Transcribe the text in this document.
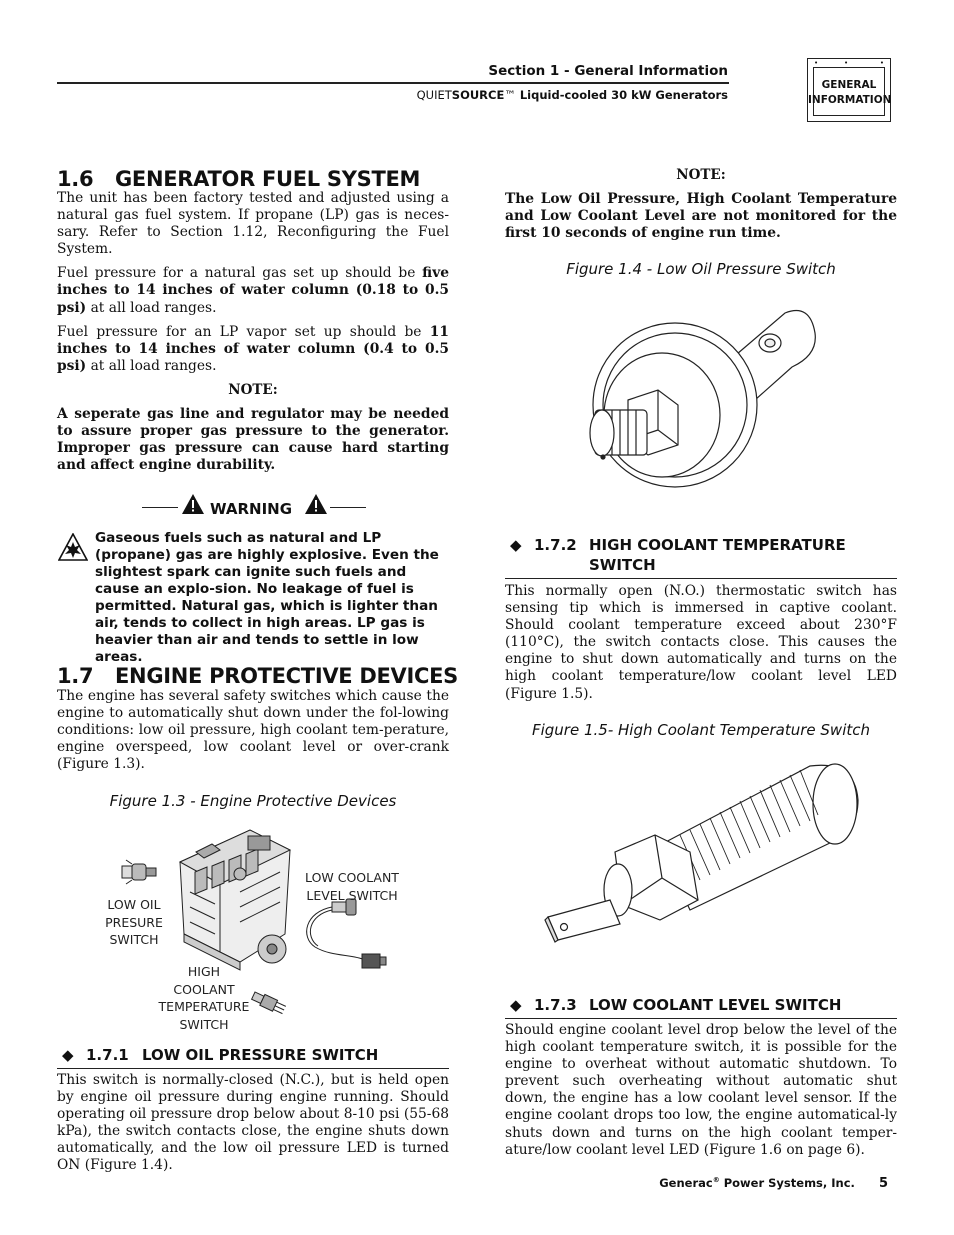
Section 1 - General Information
QUIETSOURCE™ Liquid-cooled 30 kW Generators
•	•	•
GENERAL
INFORMATION
1.6 GENERATOR FUEL SYSTEM

The unit has been factory tested and adjusted using a natural gas fuel system. If propane (LP) gas is neces-sary. Refer to Section 1.12, Reconfiguring the Fuel System.

Fuel pressure for a natural gas set up should be five inches to 14 inches of water column (0.18 to 0.5 psi) at all load ranges.

Fuel pressure for an LP vapor set up should be 11 inches to 14 inches of water column (0.4 to 0.5 psi) at all load ranges.

NOTE:

A seperate gas line and regulator may be needed to assure proper gas pressure to the generator. Improper gas pressure can cause hard starting and affect engine durability.

WARNING
Gaseous fuels such as natural and LP (propane) gas are highly explosive. Even the slightest spark can ignite such fuels and cause an explo-sion. No leakage of fuel is permitted. Natural gas, which is lighter than air, tends to collect in high areas. LP gas is heavier than air and tends to settle in low areas.
1.7 ENGINE PROTECTIVE DEVICES
The engine has several safety switches which cause the engine to automatically shut down under the fol-lowing conditions: low oil pressure, high coolant tem-perature, engine overspeed, low coolant level or over-crank (Figure 1.3).
Figure 1.3 - Engine Protective Devices
LOW OIL
PRESURE
SWITCH
LOW COOLANT
LEVEL SWITCH
HIGH
COOLANT
TEMPERATURE
SWITCH
◆ 1.7.1 LOW OIL PRESSURE SWITCH
This switch is normally-closed (N.C.), but is held open by engine oil pressure during engine running. Should operating oil pressure drop below about 8-10 psi (55-68 kPa), the switch contacts close, the engine shuts down automatically, and the low oil pressure LED is turned ON (Figure 1.4).
NOTE:
The Low Oil Pressure, High Coolant Temperature and Low Coolant Level are not monitored for the first 10 seconds of engine run time.
Figure 1.4 - Low Oil Pressure Switch
◆ 1.7.2 HIGH COOLANT TEMPERATURE
SWITCH
This normally open (N.O.) thermostatic switch has sensing tip which is immersed in captive coolant. Should coolant temperature exceed about 230°F (110°C), the switch contacts close. This causes the engine to shut down automatically and turns on the high coolant temperature/low coolant level LED (Figure 1.5).
Figure 1.5- High Coolant Temperature Switch
◆ 1.7.3 LOW COOLANT LEVEL SWITCH
Should engine coolant level drop below the level of the high coolant temperature switch, it is possible for the engine to overheat without automatic shutdown. To prevent such overheating without automatic shut down, the engine has a low coolant level sensor. If the engine coolant drops too low, the engine automatical-ly shuts down and turns on the high coolant temper-ature/low coolant level LED (Figure 1.6 on page 6).
Generac® Power Systems, Inc. 5
